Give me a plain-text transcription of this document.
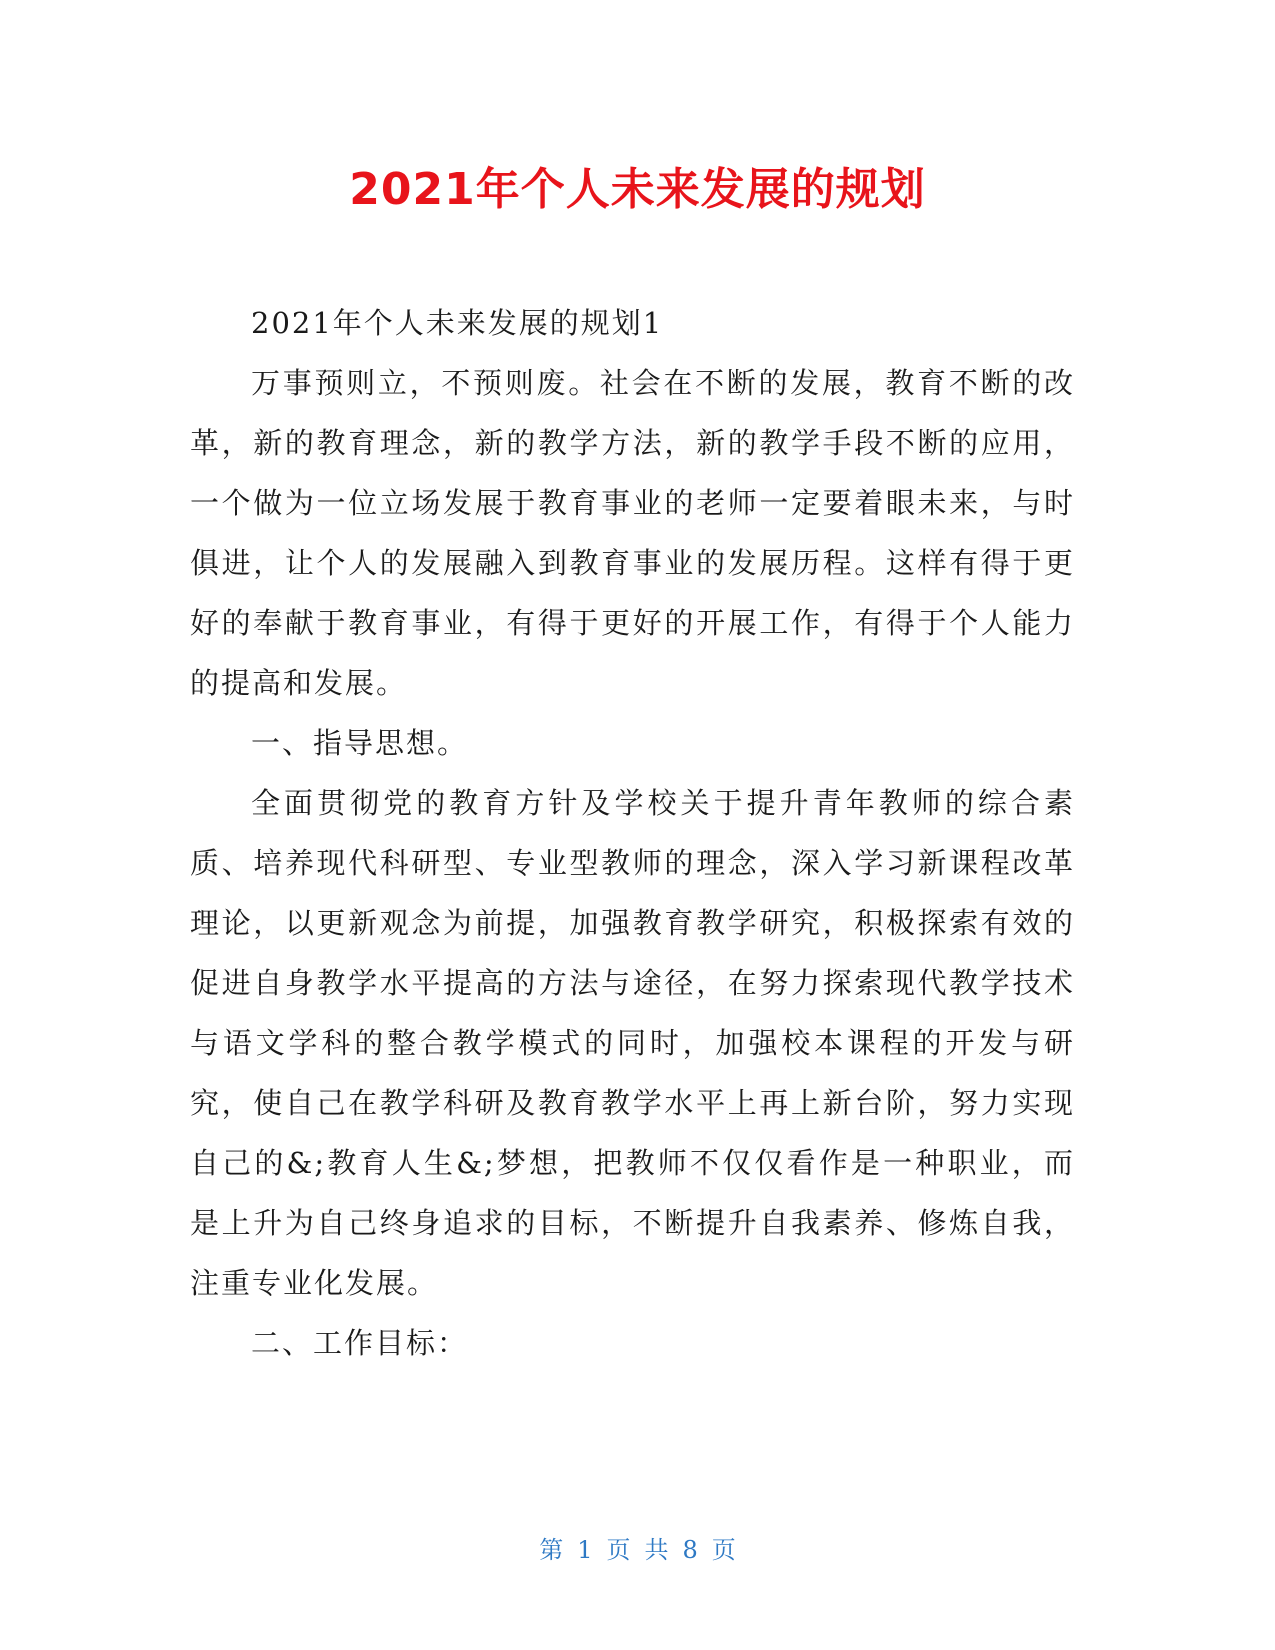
2021年个人未来发展的规划

2021年个人未来发展的规划1

万事预则立，不预则废。社会在不断的发展，教育不断的改革，新的教育理念，新的教学方法，新的教学手段不断的应用，一个做为一位立场发展于教育事业的老师一定要着眼未来，与时俱进，让个人的发展融入到教育事业的发展历程。这样有得于更好的奉献于教育事业，有得于更好的开展工作，有得于个人能力的提高和发展。

一、指导思想。

全面贯彻党的教育方针及学校关于提升青年教师的综合素质、培养现代科研型、专业型教师的理念，深入学习新课程改革理论，以更新观念为前提，加强教育教学研究，积极探索有效的促进自身教学水平提高的方法与途径，在努力探索现代教学技术与语文学科的整合教学模式的同时，加强校本课程的开发与研究，使自己在教学科研及教育教学水平上再上新台阶，努力实现自己的&;教育人生&;梦想，把教师不仅仅看作是一种职业，而是上升为自己终身追求的目标，不断提升自我素养、修炼自我，注重专业化发展。

二、工作目标：

第 1 页 共 8 页
